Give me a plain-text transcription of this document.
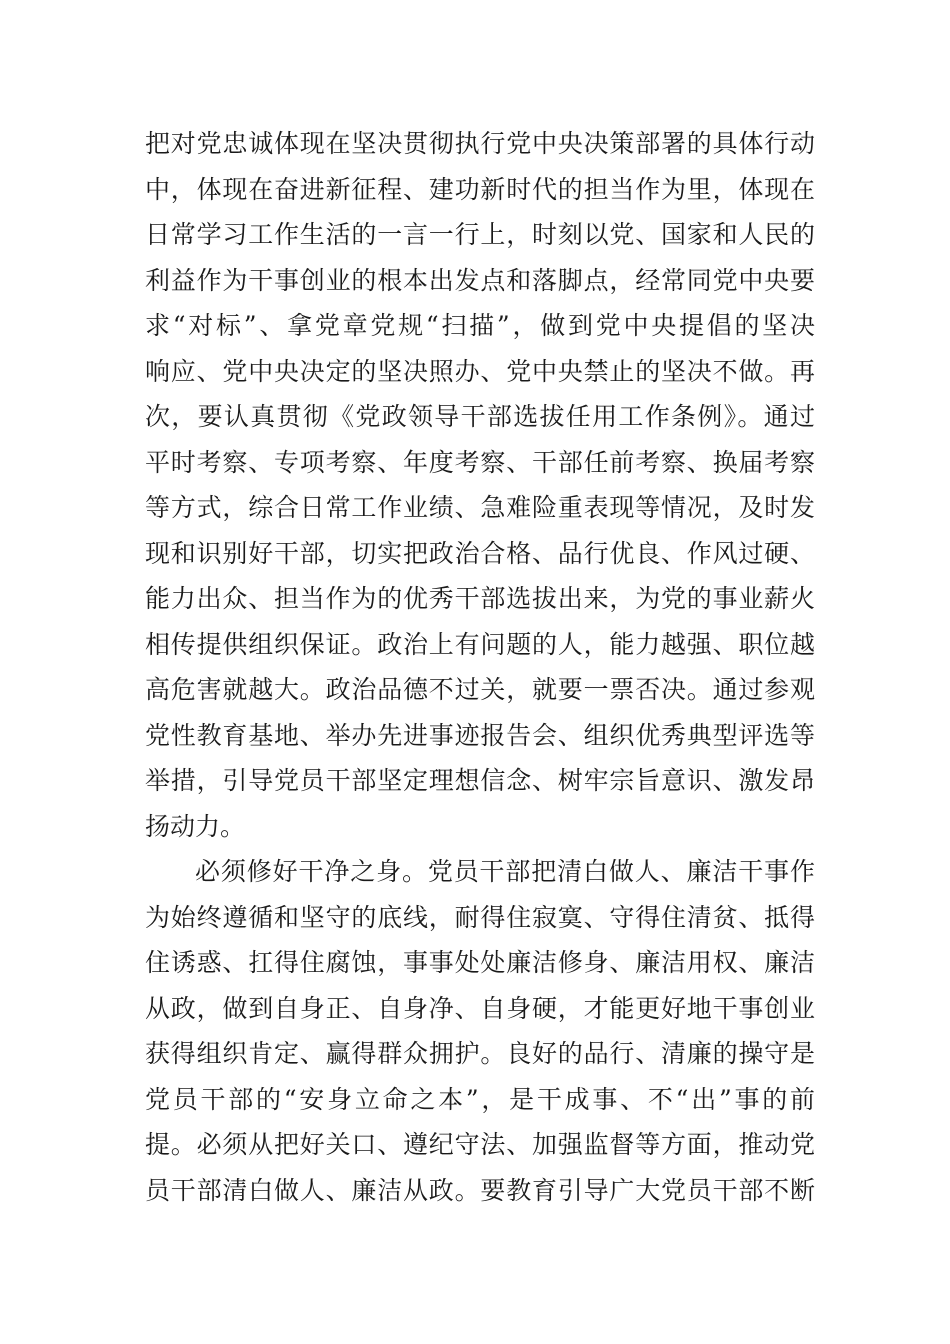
把对党忠诚体现在坚决贯彻执行党中央决策部署的具体行动
中，体现在奋进新征程、建功新时代的担当作为里，体现在
日常学习工作生活的一言一行上，时刻以党、国家和人民的
利益作为干事创业的根本出发点和落脚点，经常同党中央要
求“对标”、拿党章党规“扫描”，做到党中央提倡的坚决
响应、党中央决定的坚决照办、党中央禁止的坚决不做。再
次，要认真贯彻《党政领导干部选拔任用工作条例》。通过
平时考察、专项考察、年度考察、干部任前考察、换届考察
等方式，综合日常工作业绩、急难险重表现等情况，及时发
现和识别好干部，切实把政治合格、品行优良、作风过硬、
能力出众、担当作为的优秀干部选拔出来，为党的事业薪火
相传提供组织保证。政治上有问题的人，能力越强、职位越
高危害就越大。政治品德不过关，就要一票否决。通过参观
党性教育基地、举办先进事迹报告会、组织优秀典型评选等
举措，引导党员干部坚定理想信念、树牢宗旨意识、激发昂
扬动力。
必须修好干净之身。党员干部把清白做人、廉洁干事作
为始终遵循和坚守的底线，耐得住寂寞、守得住清贫、抵得
住诱惑、扛得住腐蚀，事事处处廉洁修身、廉洁用权、廉洁
从政，做到自身正、自身净、自身硬，才能更好地干事创业
获得组织肯定、赢得群众拥护。良好的品行、清廉的操守是
党员干部的“安身立命之本”，是干成事、不“出”事的前
提。必须从把好关口、遵纪守法、加强监督等方面，推动党
员干部清白做人、廉洁从政。要教育引导广大党员干部不断
